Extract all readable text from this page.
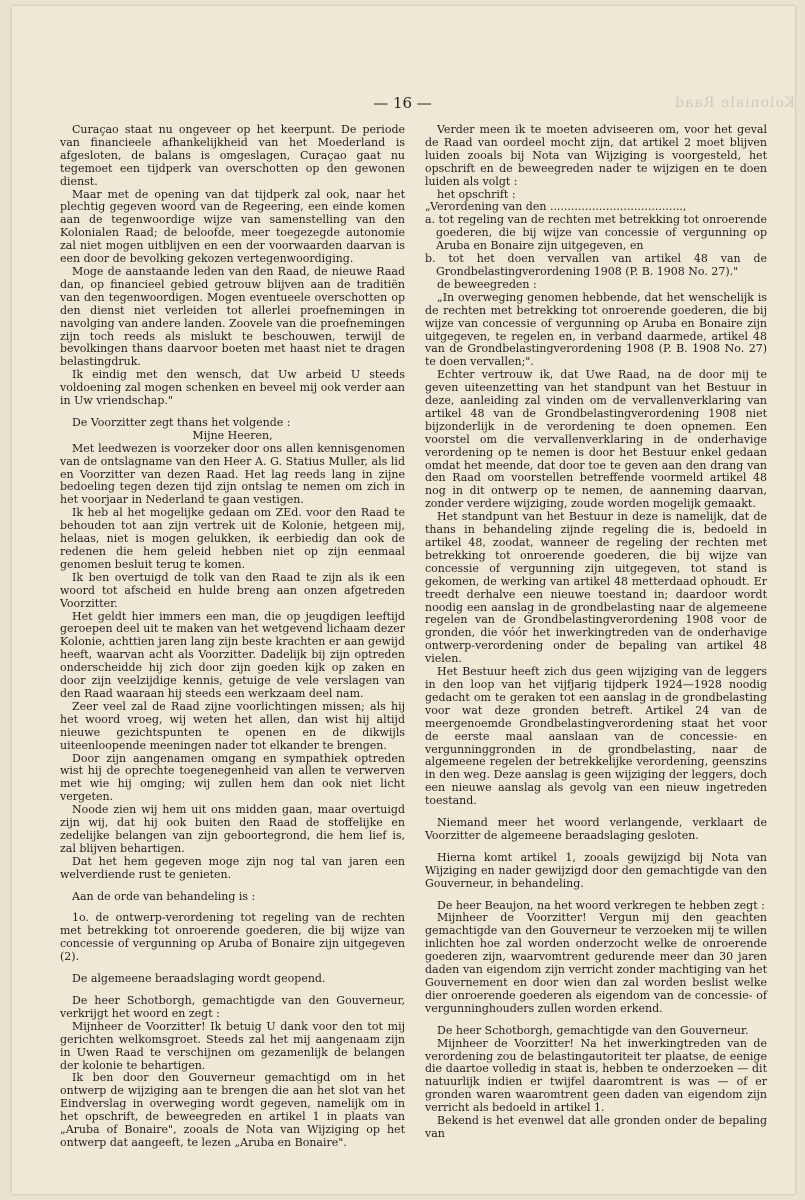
Koloniale Raad
— 16 —

Curaçao staat nu ongeveer op het keerpunt. De periode van financieele afhankelijkheid van het Moederland is afgesloten, de balans is omgeslagen, Curaçao gaat nu tegemoet een tijdperk van overschotten op den gewonen dienst.

Maar met de opening van dat tijdperk zal ook, naar het plechtig gegeven woord van de Regeering, een einde komen aan de tegenwoordige wijze van samenstelling van den Kolonialen Raad; de beloofde, meer toegezegde autonomie zal niet mogen uitblijven en een der voorwaarden daarvan is een door de bevolking gekozen vertegenwoordiging.

Moge de aanstaande leden van den Raad, de nieuwe Raad dan, op financieel gebied getrouw blijven aan de traditiën van den tegenwoordigen. Mogen eventueele overschotten op den dienst niet verleiden tot allerlei proefnemingen in navolging van andere landen. Zoovele van die proefnemingen zijn toch reeds als mislukt te beschouwen, terwijl de bevolkingen thans daarvoor boeten met haast niet te dragen belastingdruk.

Ik eindig met den wensch, dat Uw arbeid U steeds voldoening zal mogen schenken en beveel mij ook verder aan in Uw vriendschap."

De Voorzitter zegt thans het volgende :

Mijne Heeren,

Met leedwezen is voorzeker door ons allen kennisgenomen van de ontslagname van den Heer A. G. Statius Muller, als lid en Voorzitter van dezen Raad. Het lag reeds lang in zijne bedoeling tegen dezen tijd zijn ontslag te nemen om zich in het voorjaar in Nederland te gaan vestigen.

Ik heb al het mogelijke gedaan om ZEd. voor den Raad te behouden tot aan zijn vertrek uit de Kolonie, hetgeen mij, helaas, niet is mogen gelukken, ik eerbiedig dan ook de redenen die hem geleid hebben niet op zijn eenmaal genomen besluit terug te komen.

Ik ben overtuigd de tolk van den Raad te zijn als ik een woord tot afscheid en hulde breng aan onzen afgetreden Voorzitter.

Het geldt hier immers een man, die op jeugdigen leeftijd geroepen deel uit te maken van het wetgevend lichaam dezer Kolonie, achttien jaren lang zijn beste krachten er aan gewijd heeft, waarvan acht als Voorzitter. Dadelijk bij zijn optreden onderscheidde hij zich door zijn goeden kijk op zaken en door zijn veelzijdige kennis, getuige de vele verslagen van den Raad waaraan hij steeds een werkzaam deel nam.

Zeer veel zal de Raad zijne voorlichtingen missen; als hij het woord vroeg, wij weten het allen, dan wist hij altijd nieuwe gezichtspunten te openen en de dikwijls uiteenloopende meeningen nader tot elkander te brengen.

Door zijn aangenamen omgang en sympathiek optreden wist hij de oprechte toegenegenheid van allen te verwerven met wie hij omging; wij zullen hem dan ook niet licht vergeten.

Noode zien wij hem uit ons midden gaan, maar overtuigd zijn wij, dat hij ook buiten den Raad de stoffelijke en zedelijke belangen van zijn geboortegrond, die hem lief is, zal blijven behartigen.

Dat het hem gegeven moge zijn nog tal van jaren een welverdiende rust te genieten.

Aan de orde van behandeling is :

1o. de ontwerp-verordening tot regeling van de rechten met betrekking tot onroerende goederen, die bij wijze van concessie of vergunning op Aruba of Bonaire zijn uitgegeven (2).

De algemeene beraadslaging wordt geopend.

De heer Schotborgh, gemachtigde van den Gouverneur, verkrijgt het woord en zegt :

Mijnheer de Voorzitter! Ik betuig U dank voor den tot mij gerichten welkomsgroet. Steeds zal het mij aangenaam zijn in Uwen Raad te verschijnen om gezamenlijk de belangen der kolonie te behartigen.

Ik ben door den Gouverneur gemachtigd om in het ontwerp de wijziging aan te brengen die aan het slot van het Eindverslag in overweging wordt gegeven, namelijk om in het opschrift, de beweegreden en artikel 1 in plaats van „Aruba of Bonaire", zooals de Nota van Wijziging op het ontwerp dat aangeeft, te lezen „Aruba en Bonaire".

Verder meen ik te moeten adviseeren om, voor het geval de Raad van oordeel mocht zijn, dat artikel 2 moet blijven luiden zooals bij Nota van Wijziging is voorgesteld, het opschrift en de beweegreden nader te wijzigen en te doen luiden als volgt :

het opschrift :

„Verordening van den ......................................,

a. tot regeling van de rechten met betrekking tot onroerende goederen, die bij wijze van concessie of vergunning op Aruba en Bonaire zijn uitgegeven, en

b. tot het doen vervallen van artikel 48 van de Grondbelastingverordening 1908 (P. B. 1908 No. 27)."

de beweegreden :

„In overweging genomen hebbende, dat het wenschelijk is de rechten met betrekking tot onroerende goederen, die bij wijze van concessie of vergunning op Aruba en Bonaire zijn uitgegeven, te regelen en, in verband daarmede, artikel 48 van de Grondbelastingverordening 1908 (P. B. 1908 No. 27) te doen vervallen;".

Echter vertrouw ik, dat Uwe Raad, na de door mij te geven uiteenzetting van het standpunt van het Bestuur in deze, aanleiding zal vinden om de vervallenverklaring van artikel 48 van de Grondbelastingverordening 1908 niet bijzonderlijk in de verordening te doen opnemen. Een voorstel om die vervallenverklaring in de onderhavige verordening op te nemen is door het Bestuur enkel gedaan omdat het meende, dat door toe te geven aan den drang van den Raad om voorstellen betreffende voormeld artikel 48 nog in dit ontwerp op te nemen, de aanneming daarvan, zonder verdere wijziging, zoude worden mogelijk gemaakt.

Het standpunt van het Bestuur in deze is namelijk, dat de thans in behandeling zijnde regeling die is, bedoeld in artikel 48, zoodat, wanneer de regeling der rechten met betrekking tot onroerende goederen, die bij wijze van concessie of vergunning zijn uitgegeven, tot stand is gekomen, de werking van artikel 48 metterdaad ophoudt. Er treedt derhalve een nieuwe toestand in; daardoor wordt noodig een aanslag in de grondbelasting naar de algemeene regelen van de Grondbelastingverordening 1908 voor de gronden, die vóór het inwerkingtreden van de onderhavige ontwerp-verordening onder de bepaling van artikel 48 vielen.

Het Bestuur heeft zich dus geen wijziging van de leggers in den loop van het vijfjarig tijdperk 1924—1928 noodig gedacht om te geraken tot een aanslag in de grondbelasting voor wat deze gronden betreft. Artikel 24 van de meergenoemde Grondbelastingverordening staat het voor de eerste maal aanslaan van de concessie- en vergunninggronden in de grondbelasting, naar de algemeene regelen der betrekkelijke verordening, geenszins in den weg. Deze aanslag is geen wijziging der leggers, doch een nieuwe aanslag als gevolg van een nieuw ingetreden toestand.

Niemand meer het woord verlangende, verklaart de Voorzitter de algemeene beraadslaging gesloten.

Hierna komt artikel 1, zooals gewijzigd bij Nota van Wijziging en nader gewijzigd door den gemachtigde van den Gouverneur, in behandeling.

De heer Beaujon, na het woord verkregen te hebben zegt :

Mijnheer de Voorzitter! Vergun mij den geachten gemachtigde van den Gouverneur te verzoeken mij te willen inlichten hoe zal worden onderzocht welke de onroerende goederen zijn, waarvomtrent gedurende meer dan 30 jaren daden van eigendom zijn verricht zonder machtiging van het Gouvernement en door wien dan zal worden beslist welke dier onroerende goederen als eigendom van de concessie- of vergunninghouders zullen worden erkend.

De heer Schotborgh, gemachtigde van den Gouverneur.

Mijnheer de Voorzitter! Na het inwerkingtreden van de verordening zou de belastingautoriteit ter plaatse, de eenige die daartoe volledig in staat is, hebben te onderzoeken — dit natuurlijk indien er twijfel daaromtrent is was — of er gronden waren waaromtrent geen daden van eigendom zijn verricht als bedoeld in artikel 1.

Bekend is het evenwel dat alle gronden onder de bepaling van
